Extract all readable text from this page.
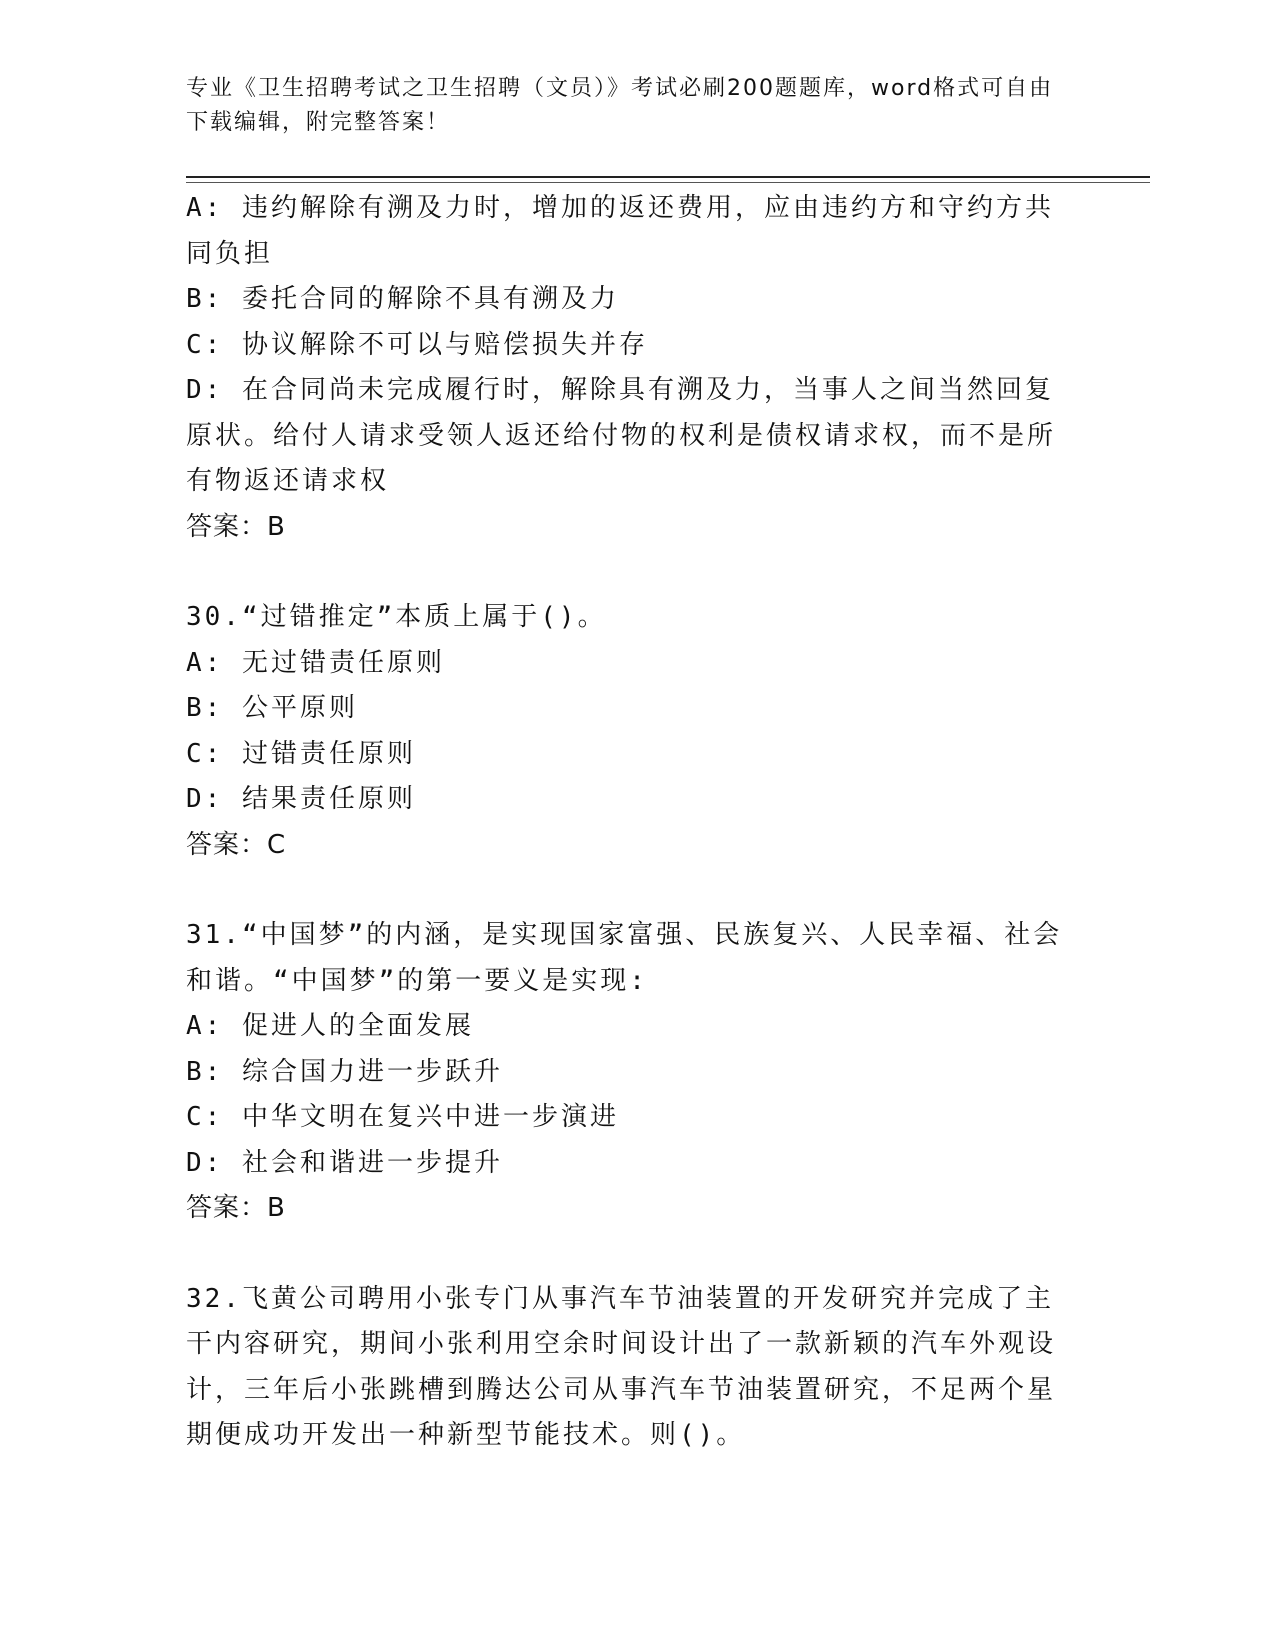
专业《卫生招聘考试之卫生招聘（文员）》考试必刷200题题库，word格式可自由下载编辑，附完整答案！

A: 违约解除有溯及力时，增加的返还费用，应由违约方和守约方共同负担

B: 委托合同的解除不具有溯及力

C: 协议解除不可以与赔偿损失并存

D: 在合同尚未完成履行时，解除具有溯及力，当事人之间当然回复原状。给付人请求受领人返还给付物的权利是债权请求权，而不是所有物返还请求权

答案：B

30.“过错推定”本质上属于()。

A: 无过错责任原则

B: 公平原则

C: 过错责任原则

D: 结果责任原则

答案：C

31.“中国梦”的内涵，是实现国家富强、民族复兴、人民幸福、社会和谐。“中国梦”的第一要义是实现:

A: 促进人的全面发展

B: 综合国力进一步跃升

C: 中华文明在复兴中进一步演进

D: 社会和谐进一步提升

答案：B

32.飞黄公司聘用小张专门从事汽车节油装置的开发研究并完成了主干内容研究，期间小张利用空余时间设计出了一款新颖的汽车外观设计，三年后小张跳槽到腾达公司从事汽车节油装置研究，不足两个星期便成功开发出一种新型节能技术。则()。
